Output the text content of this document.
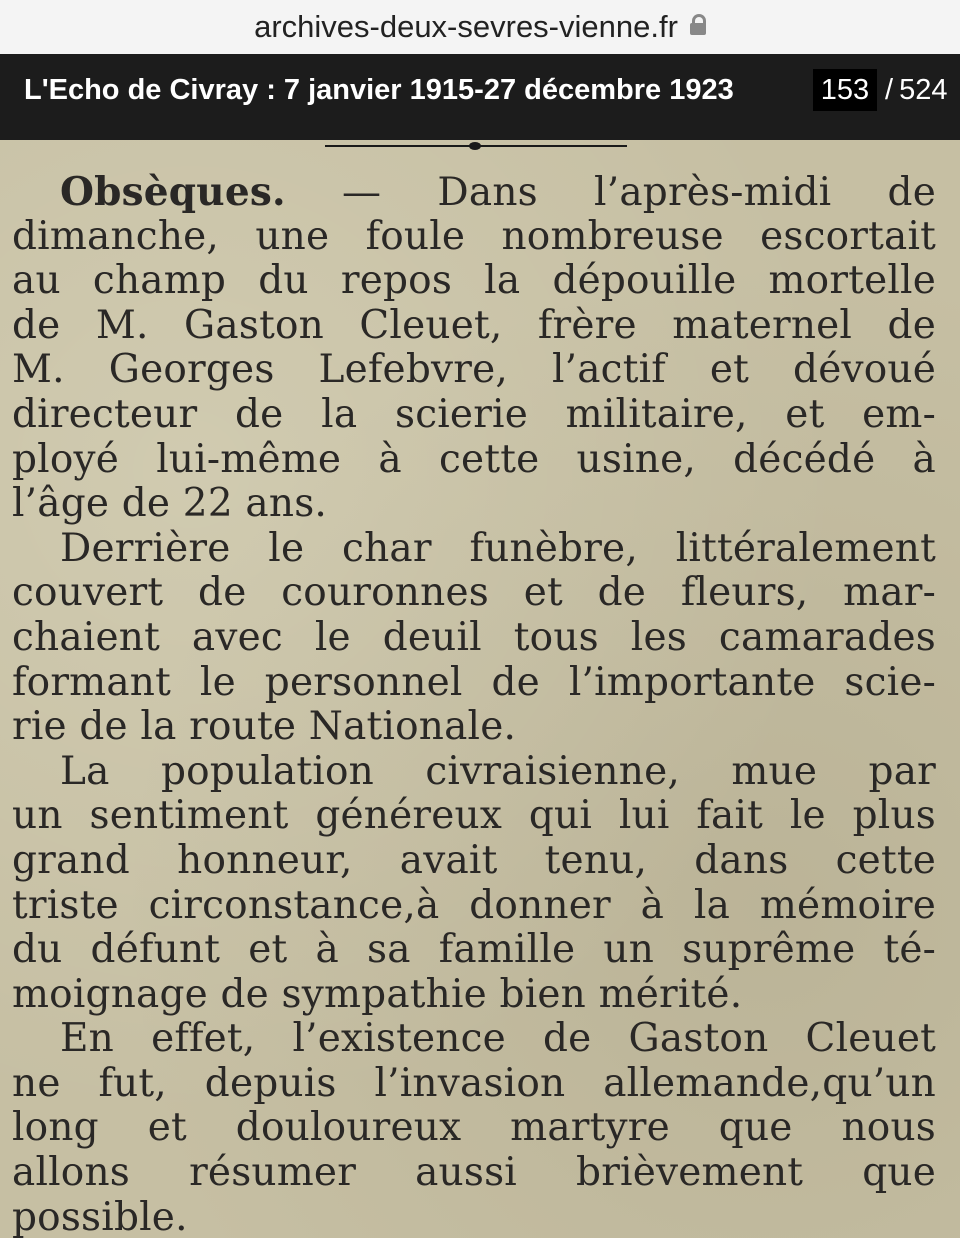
archives-deux-sevres-vienne.fr
L'Echo de Civray : 7 janvier 1915-27 décembre 1923	153 / 524
Obsèques. — Dans l’après-midi de
dimanche, une foule nombreuse escortait
au champ du repos la dépouille mortelle
de M. Gaston Cleuet, frère maternel de
M. Georges Lefebvre, l’actif et dévoué
directeur de la scierie militaire, et em-
ployé lui-même à cette usine, décédé à
l’âge de 22 ans.
Derrière le char funèbre, littéralement
couvert de couronnes et de fleurs, mar-
chaient avec le deuil tous les camarades
formant le personnel de l’importante scie-
rie de la route Nationale.
La population civraisienne, mue par
un sentiment généreux qui lui fait le plus
grand honneur, avait tenu, dans cette
triste circonstance,à donner à la mémoire
du défunt et à sa famille un suprême té-
moignage de sympathie bien mérité.
En effet, l’existence de Gaston Cleuet
ne fut, depuis l’invasion allemande,qu’un
long et douloureux martyre que nous
allons résumer aussi brièvement que
possible.
